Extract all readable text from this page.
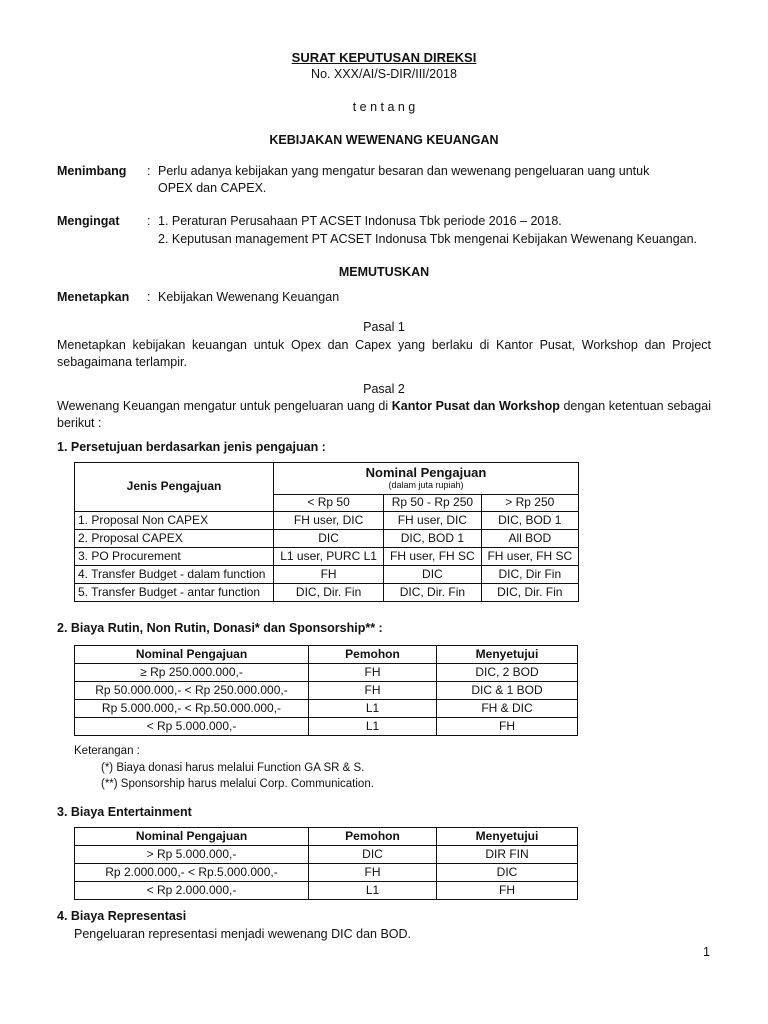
SURAT KEPUTUSAN DIREKSI
No. XXX/AI/S-DIR/III/2018
t e n t a n g
KEBIJAKAN WEWENANG KEUANGAN
Menimbang : Perlu adanya kebijakan yang mengatur besaran dan wewenang pengeluaran uang untuk
OPEX dan CAPEX.
Mengingat : 1. Peraturan Perusahaan PT ACSET Indonusa Tbk periode 2016 – 2018.
2. Keputusan management PT ACSET Indonusa Tbk mengenai Kebijakan Wewenang Keuangan.
MEMUTUSKAN
Menetapkan : Kebijakan Wewenang Keuangan
Pasal 1
Menetapkan kebijakan keuangan untuk Opex dan Capex yang berlaku di Kantor Pusat, Workshop dan Project
sebagaimana terlampir.
Pasal 2
Wewenang Keuangan mengatur untuk pengeluaran uang di Kantor Pusat dan Workshop dengan ketentuan sebagai
berikut :
1. Persetujuan berdasarkan jenis pengajuan :
Jenis Pengajuan	Nominal Pengajuan
(dalam juta rupiah)		

	< Rp 50	Rp 50 - Rp 250	> Rp 250
1. Proposal Non CAPEX	FH user, DIC	FH user, DIC	DIC, BOD 1
2. Proposal CAPEX	DIC	DIC, BOD 1	All BOD
3. PO Procurement	L1 user, PURC L1	FH user, FH SC	FH user, FH SC
4. Transfer Budget - dalam function	FH	DIC	DIC, Dir Fin
5. Transfer Budget - antar function	DIC, Dir. Fin	DIC, Dir. Fin	DIC, Dir. Fin
2. Biaya Rutin, Non Rutin, Donasi* dan Sponsorship** :
Nominal Pengajuan	Pemohon	Menyetujui
≥ Rp 250.000.000,-	FH	DIC, 2 BOD
Rp 50.000.000,- < Rp 250.000.000,-	FH	DIC & 1 BOD
Rp 5.000.000,- < Rp.50.000.000,-	L1	FH & DIC
< Rp 5.000.000,-	L1	FH
Keterangan :
(*) Biaya donasi harus melalui Function GA SR & S.
(**) Sponsorship harus melalui Corp. Communication.
3. Biaya Entertainment
Nominal Pengajuan	Pemohon	Menyetujui
> Rp 5.000.000,-	DIC	DIR FIN
Rp 2.000.000,- < Rp.5.000.000,-	FH	DIC
< Rp 2.000.000,-	L1	FH
4. Biaya Representasi
Pengeluaran representasi menjadi wewenang DIC dan BOD.
1
